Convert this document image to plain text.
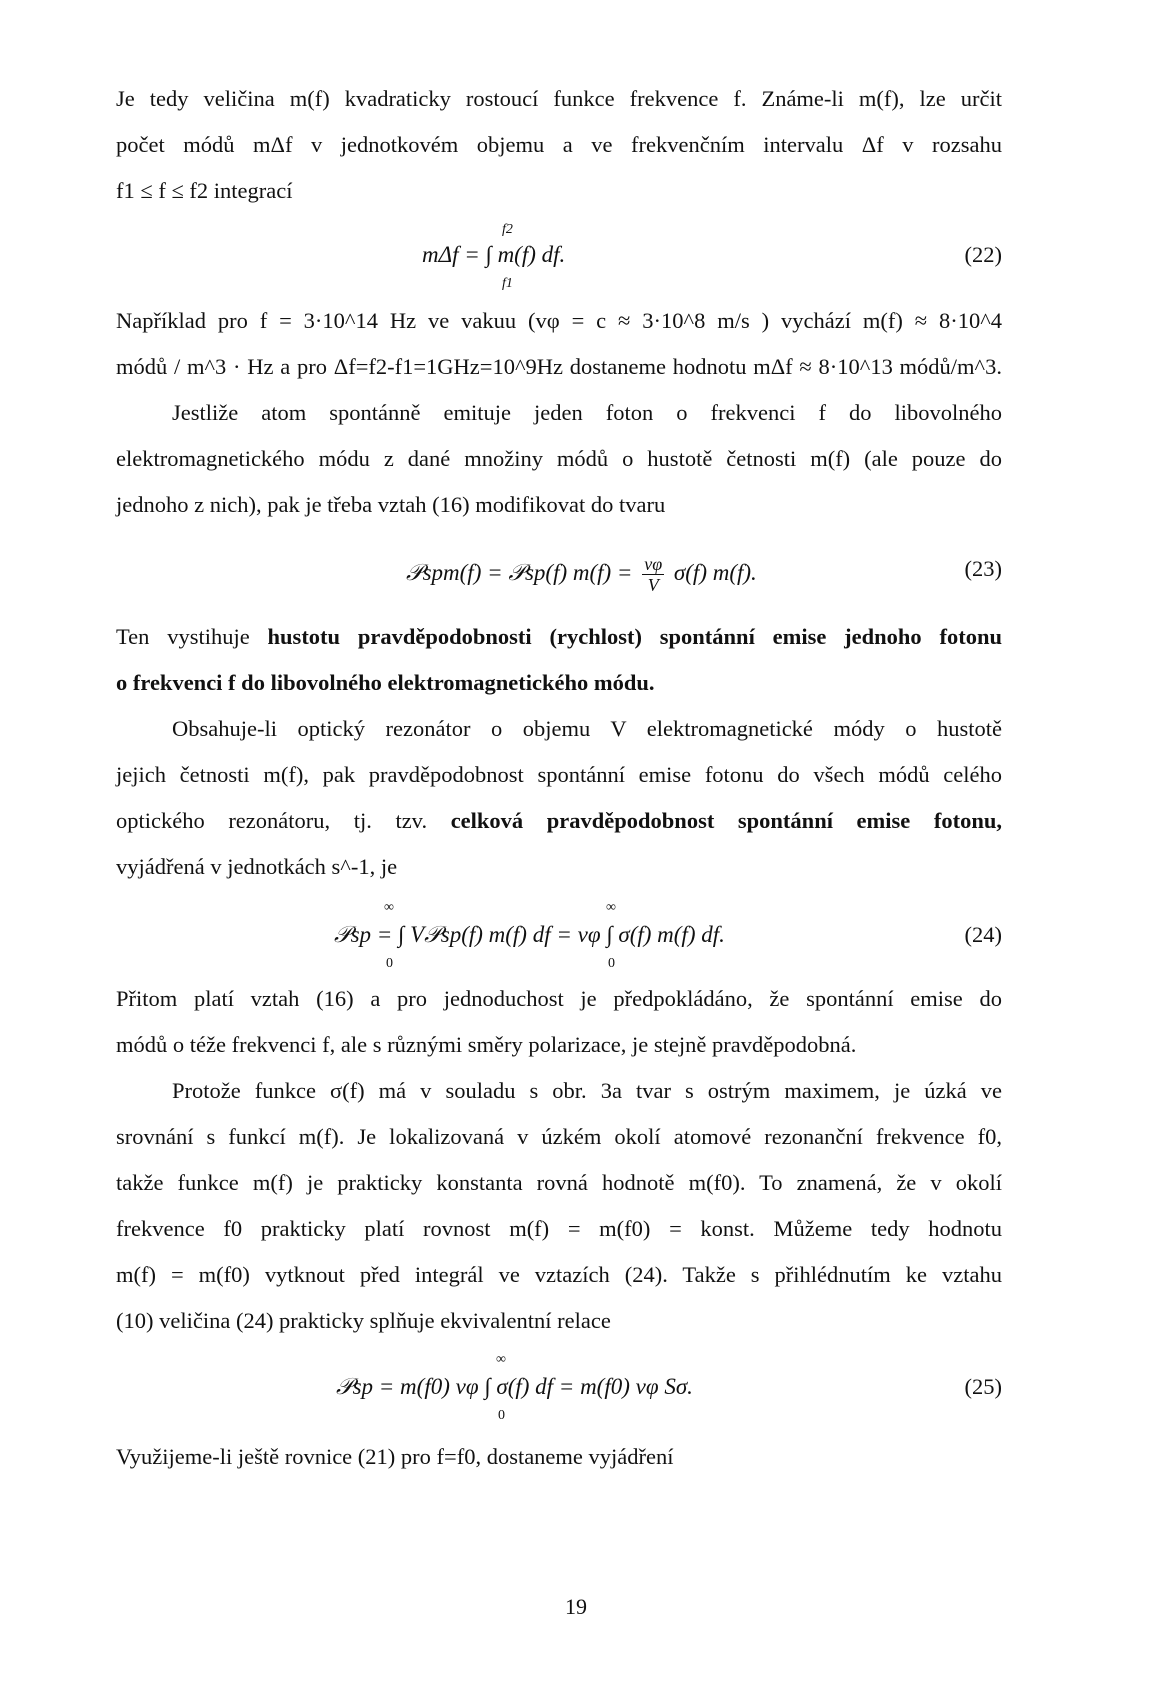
Je tedy veličina m(f) kvadraticky rostoucí funkce frekvence f. Známe-li m(f), lze určit
počet módů mΔf v jednotkovém objemu a ve frekvenčním intervalu Δf v rozsahu
f1 ≤ f ≤ f2 integrací
f2
mΔf = ∫ m(f) df.
f1
(22)
Například pro f = 3·10^14 Hz ve vakuu (vφ = c ≈ 3·10^8 m/s ) vychází m(f) ≈ 8·10^4
módů / m^3 · Hz a pro Δf=f2-f1=1GHz=10^9Hz dostaneme hodnotu mΔf ≈ 8·10^13 módů/m^3.
Jestliže atom spontánně emituje jeden foton o frekvenci f do libovolného
elektromagnetického módu z dané množiny módů o hustotě četnosti m(f) (ale pouze do
jednoho z nich), pak je třeba vztah (16) modifikovat do tvaru
𝒫spm(f) = 𝒫sp(f) $m(f) = \frac{v\varphi}{V} \sigma(f)$ m(f).	(23)
Ten vystihuje hustotu pravděpodobnosti (rychlost) spontánní emise jednoho fotonu
o frekvenci f do libovolného elektromagnetického módu.
Obsahuje-li optický rezonátor o objemu V elektromagnetické módy o hustotě
jejich četnosti m(f), pak pravděpodobnost spontánní emise fotonu do všech módů celého
optického rezonátoru, tj. tzv. celková pravděpodobnost spontánní emise fotonu,
vyjádřená v jednotkách s^-1, je
∞	∞
𝒫sp = ∫ V𝒫sp(f) m(f) df = vφ ∫ σ(f) m(f) df.
0	0
(24)
Přitom platí vztah (16) a pro jednoduchost je předpokládáno, že spontánní emise do
módů o téže frekvenci f, ale s různými směry polarizace, je stejně pravděpodobná.
Protože funkce σ(f) má v souladu s obr. 3a tvar s ostrým maximem, je úzká ve
srovnání s funkcí m(f). Je lokalizovaná v úzkém okolí atomové rezonanční frekvence f0,
takže funkce m(f) je prakticky konstanta rovná hodnotě m(f0). To znamená, že v okolí
frekvence f0 prakticky platí rovnost m(f) = m(f0) = konst. Můžeme tedy hodnotu
m(f) = m(f0) vytknout před integrál ve vztazích (24). Takže s přihlédnutím ke vztahu
(10) veličina (24) prakticky splňuje ekvivalentní relace
∞
𝒫sp = m(f0) vφ ∫ σ(f) df = m(f0) vφ Sσ.
0
(25)
Využijeme-li ještě rovnice (21) pro f=f0, dostaneme vyjádření
19
